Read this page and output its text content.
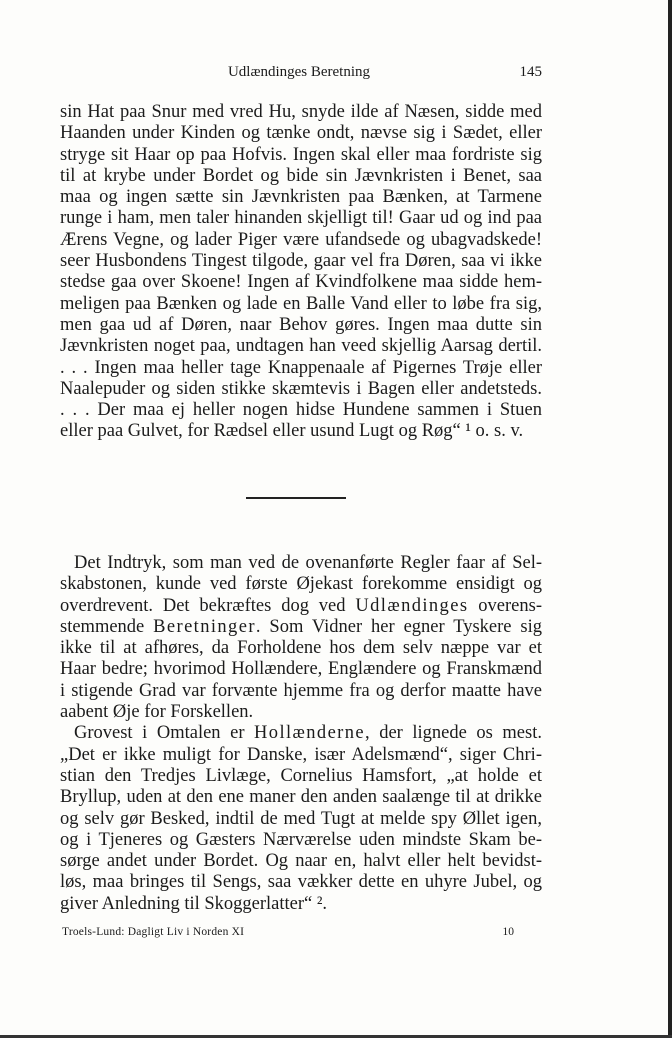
Udlændinges Beretning	145
sin Hat paa Snur med vred Hu, snyde ilde af Næsen, sidde med
Haanden under Kinden og tænke ondt, nævse sig i Sædet, eller
stryge sit Haar op paa Hofvis. Ingen skal eller maa fordriste sig
til at krybe under Bordet og bide sin Jævnkristen i Benet, saa
maa og ingen sætte sin Jævnkristen paa Bænken, at Tarmene
runge i ham, men taler hinanden skjelligt til! Gaar ud og ind paa
Ærens Vegne, og lader Piger være ufandsede og ubagvadskede!
seer Husbondens Tingest tilgode, gaar vel fra Døren, saa vi ikke
stedse gaa over Skoene! Ingen af Kvindfolkene maa sidde hem-
meligen paa Bænken og lade en Balle Vand eller to løbe fra sig,
men gaa ud af Døren, naar Behov gøres. Ingen maa dutte sin
Jævnkristen noget paa, undtagen han veed skjellig Aarsag dertil.
. . . Ingen maa heller tage Knappenaale af Pigernes Trøje eller
Naalepuder og siden stikke skæmtevis i Bagen eller andetsteds.
. . . Der maa ej heller nogen hidse Hundene sammen i Stuen
eller paa Gulvet, for Rædsel eller usund Lugt og Røg“ ¹ o. s. v.
Det Indtryk, som man ved de ovenanførte Regler faar af Sel-
skabstonen, kunde ved første Øjekast forekomme ensidigt og
overdrevent. Det bekræftes dog ved Udlændinges overens-
stemmende Beretninger. Som Vidner her egner Tyskere sig
ikke til at afhøres, da Forholdene hos dem selv næppe var et
Haar bedre; hvorimod Hollændere, Englændere og Franskmænd
i stigende Grad var forvænte hjemme fra og derfor maatte have
aabent Øje for Forskellen.
Grovest i Omtalen er Hollænderne, der lignede os mest.
„Det er ikke muligt for Danske, især Adelsmænd“, siger Chri-
stian den Tredjes Livlæge, Cornelius Hamsfort, „at holde et
Bryllup, uden at den ene maner den anden saalænge til at drikke
og selv gør Besked, indtil de med Tugt at melde spy Øllet igen,
og i Tjeneres og Gæsters Nærværelse uden mindste Skam be-
sørge andet under Bordet. Og naar en, halvt eller helt bevidst-
løs, maa bringes til Sengs, saa vækker dette en uhyre Jubel, og
giver Anledning til Skoggerlatter“ ².
Troels-Lund: Dagligt Liv i Norden XI	10
